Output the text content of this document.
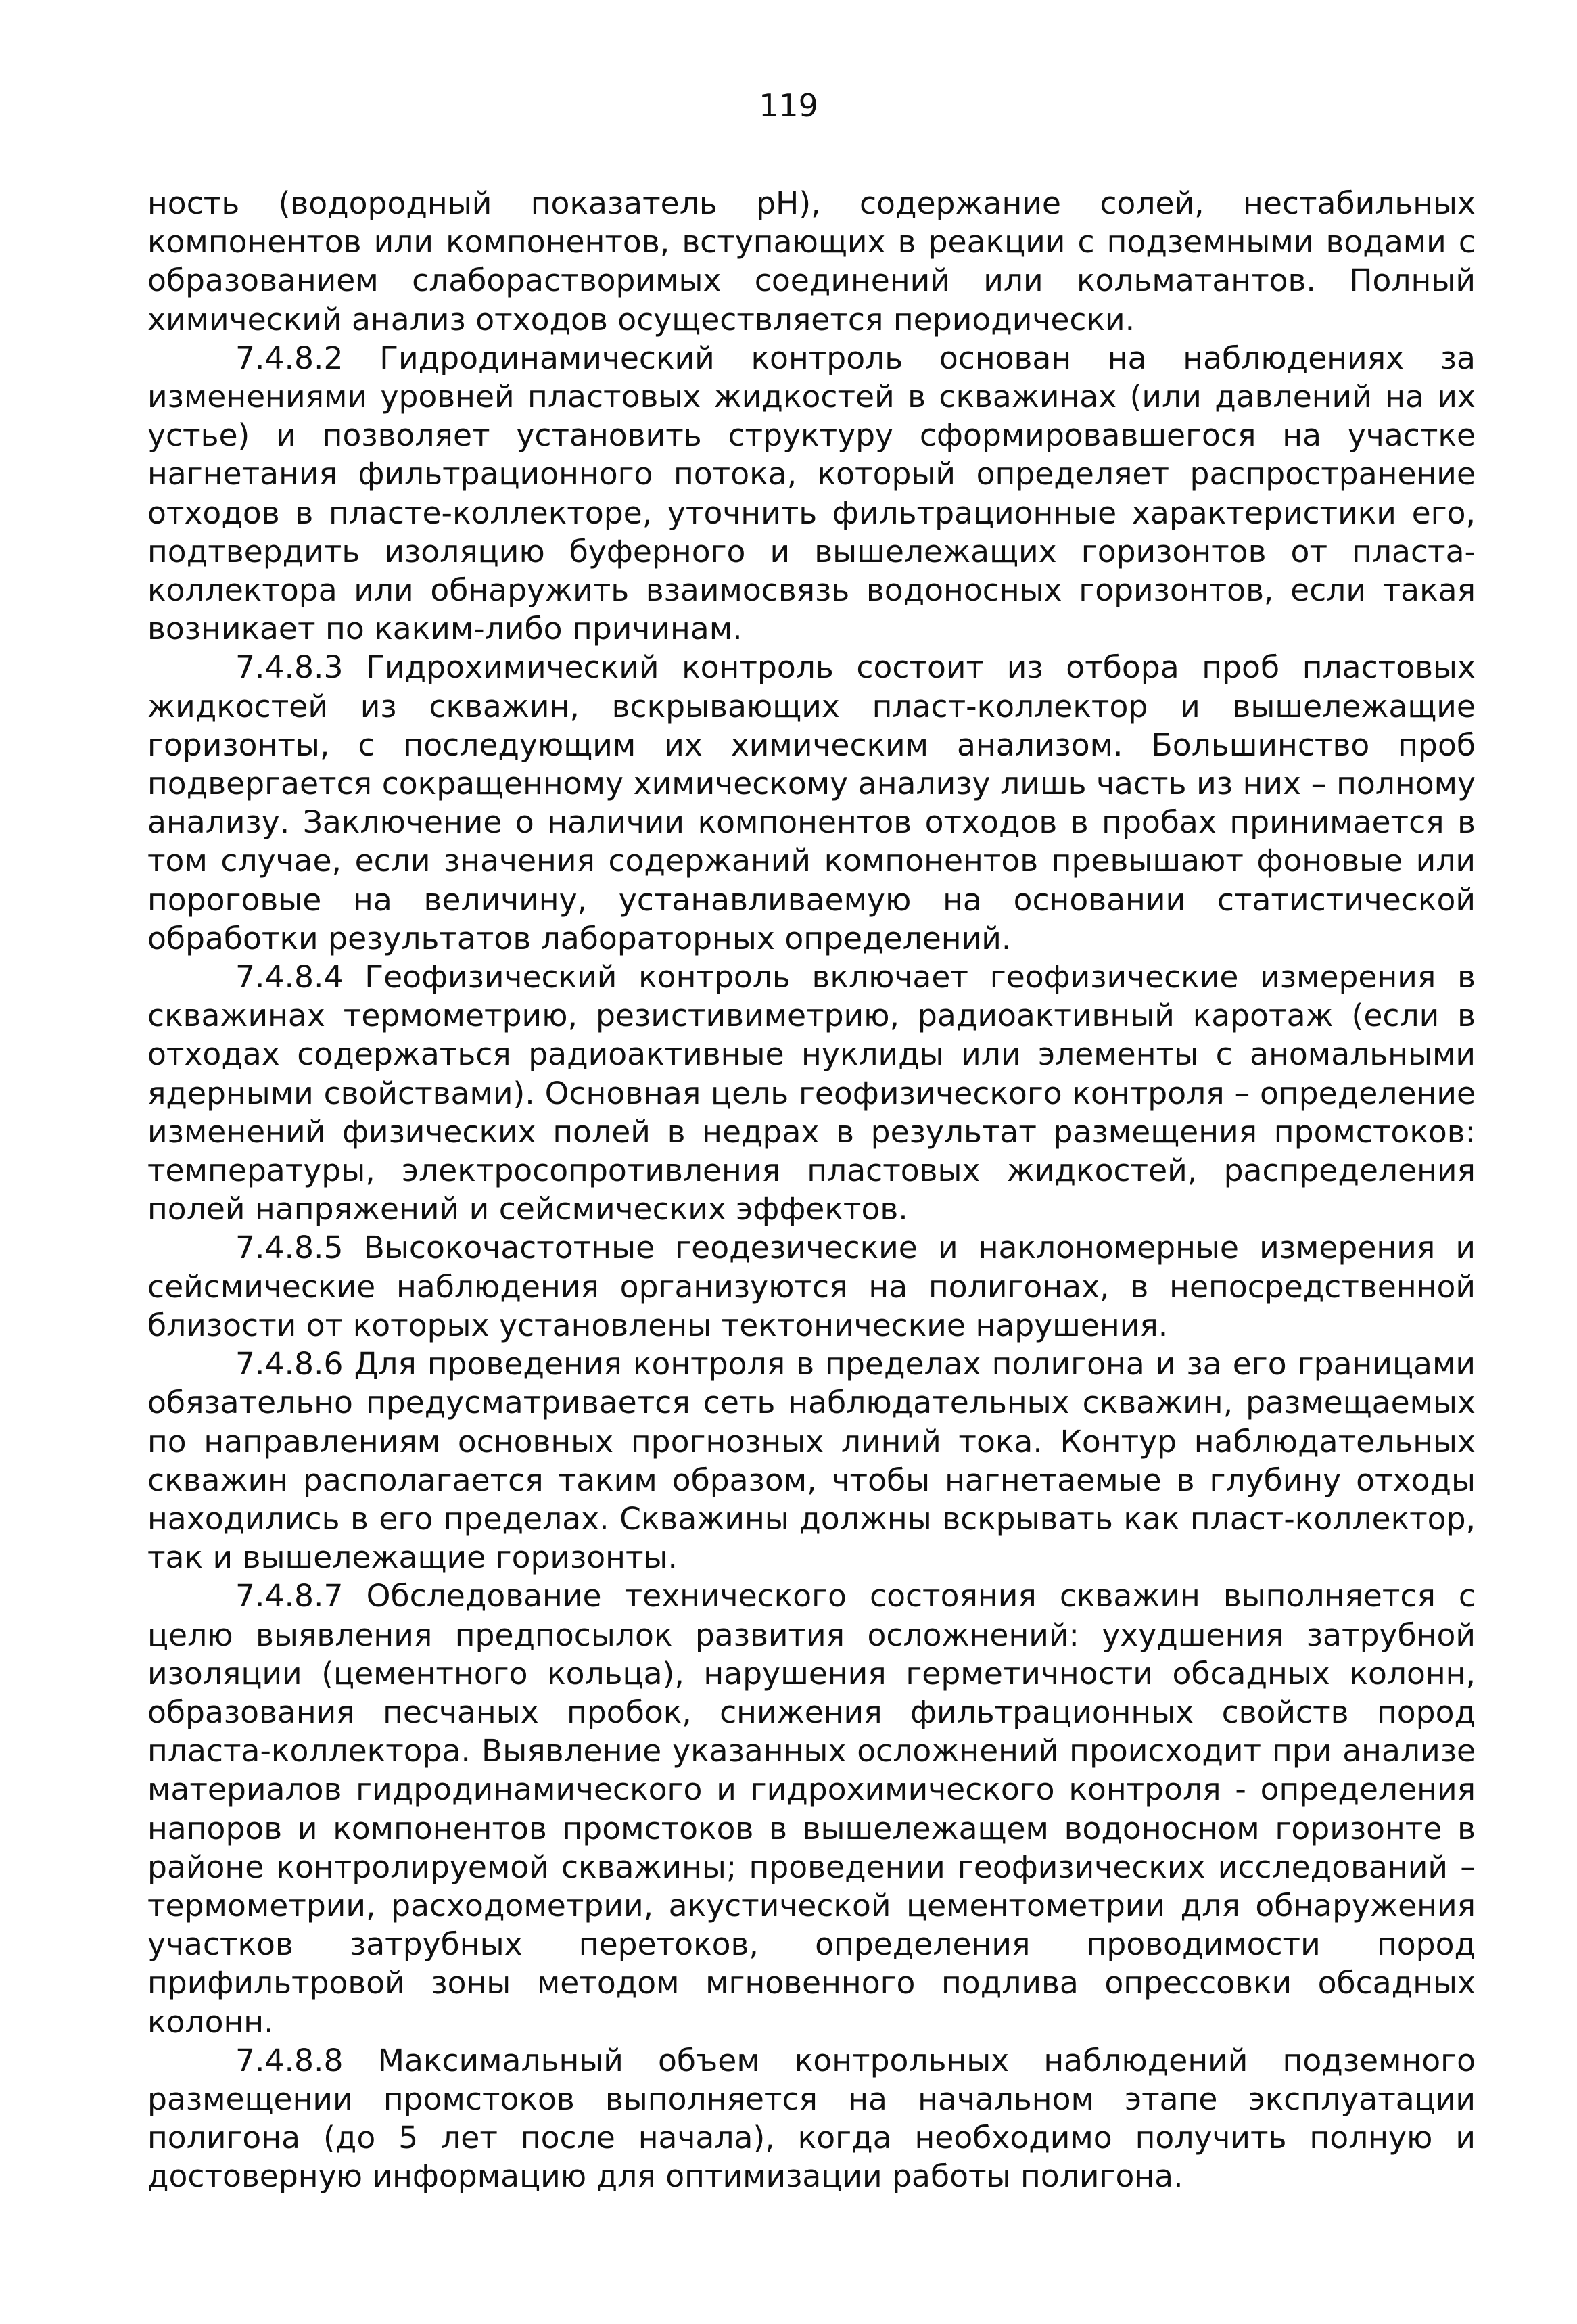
119

ность (водородный показатель pH), содержание солей, нестабильных компонентов или компонентов, вступающих в реакции с подземными водами с образованием слаборастворимых соединений или кольматантов. Полный химический анализ отходов осуществляется периодически.

7.4.8.2 Гидродинамический контроль основан на наблюдениях за изменениями уровней пластовых жидкостей в скважинах (или давлений на их устье) и позволяет установить структуру сформировавшегося на участке нагнетания фильтрационного потока, который определяет распространение отходов в пласте-коллекторе, уточнить фильтрационные характеристики его, подтвердить изоляцию буферного и вышележащих горизонтов от пласта-коллектора или обнаружить взаимосвязь водоносных горизонтов, если такая возникает по каким-либо причинам.

7.4.8.3 Гидрохимический контроль состоит из отбора проб пластовых жидкостей из скважин, вскрывающих пласт-коллектор и вышележащие горизонты, с последующим их химическим анализом. Большинство проб подвергается сокращенному химическому анализу лишь часть из них – полному анализу. Заключение о наличии компонентов отходов в пробах принимается в том случае, если значения содержаний компонентов превышают фоновые или пороговые на величину, устанавливаемую на основании статистической обработки результатов лабораторных определений.

7.4.8.4 Геофизический контроль включает геофизические измерения в скважинах термометрию, резистивиметрию, радиоактивный каротаж (если в отходах содержаться радиоактивные нуклиды или элементы с аномальными ядерными свойствами). Основная цель геофизического контроля – определение изменений физических полей в недрах в результат размещения промстоков: температуры, электросопротивления пластовых жидкостей, распределения полей напряжений и сейсмических эффектов.

7.4.8.5 Высокочастотные геодезические и наклономерные измерения и сейсмические наблюдения организуются на полигонах, в непосредственной близости от которых установлены тектонические нарушения.

7.4.8.6 Для проведения контроля в пределах полигона и за его границами обязательно предусматривается сеть наблюдательных скважин, размещаемых по направлениям основных прогнозных линий тока. Контур наблюдательных скважин располагается таким образом, чтобы нагнетаемые в глубину отходы находились в его пределах. Скважины должны вскрывать как пласт-коллектор, так и вышележащие горизонты.

7.4.8.7 Обследование технического состояния скважин выполняется с целю выявления предпосылок развития осложнений: ухудшения затрубной изоляции (цементного кольца), нарушения герметичности обсадных колонн, образования песчаных пробок, снижения фильтрационных свойств пород пласта-коллектора. Выявление указанных осложнений происходит при анализе материалов гидродинамического и гидрохимического контроля - определения напоров и компонентов промстоков в вышележащем водоносном горизонте в районе контролируемой скважины; проведении геофизических исследований – термометрии, расходометрии, акустической цементометрии для обнаружения участков затрубных перетоков, определения проводимости пород прифильтровой зоны методом мгновенного подлива опрессовки обсадных колонн.

7.4.8.8 Максимальный объем контрольных наблюдений подземного размещении промстоков выполняется на начальном этапе эксплуатации полигона (до 5 лет после начала), когда необходимо получить полную и достоверную информацию для оптимизации работы полигона.
